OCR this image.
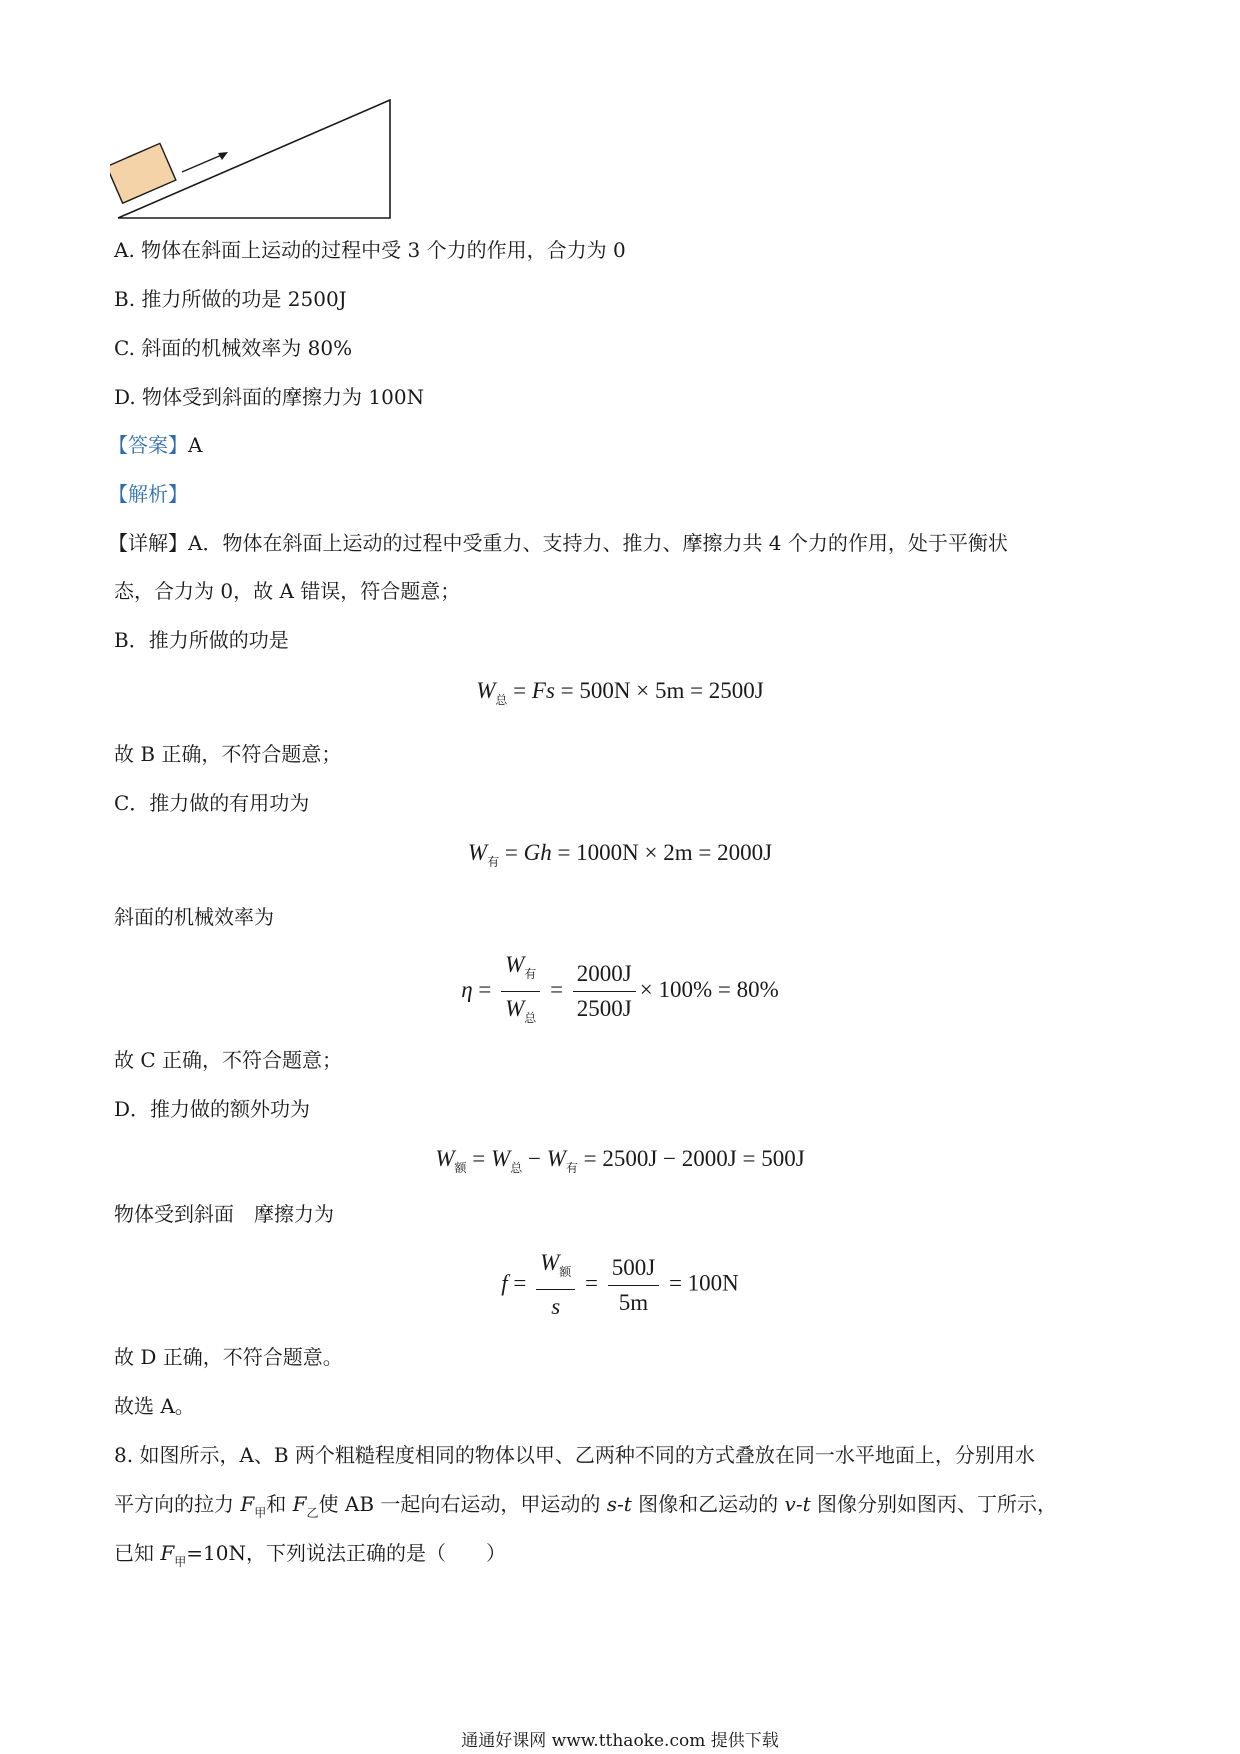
A. 物体在斜面上运动的过程中受 3 个力的作用，合力为 0
B. 推力所做的功是 2500J
C. 斜面的机械效率为 80%
D. 物体受到斜面的摩擦力为 100N
【答案】A
【解析】
【详解】A．物体在斜面上运动的过程中受重力、支持力、推力、摩擦力共 4 个力的作用，处于平衡状
态，合力为 0，故 A 错误，符合题意；
B．推力所做的功是
$W_总 = Fs = 500N \times 5m = 2500J$
故 B 正确，不符合题意；
C．推力做的有用功为
$W_有 = Gh = 1000N \times 2m = 2000J$
斜面的机械效率为
$\eta = \frac{W_有}{W_总} = \frac{2000J}{2500J} \times 100\% = 80\%$
故 C 正确，不符合题意；
D．推力做的额外功为
$W_额 = W_总 - W_有 = 2500J - 2000J = 500J$
物体受到斜面　摩擦力为
$f = \frac{W_额}{s} = \frac{500J}{5m} = 100N$
故 D 正确，不符合题意。
故选 A。
8. 如图所示，A、B 两个粗糙程度相同的物体以甲、乙两种不同的方式叠放在同一水平地面上，分别用水
平方向的拉力 $F_甲$和 $F_乙$使 AB 一起向右运动，甲运动的 s-t 图像和乙运动的 v-t 图像分别如图丙、丁所示，
已知 $F_甲=10N$，下列说法正确的是（　　）
通通好课网 www.tthaoke.com 提供下载
